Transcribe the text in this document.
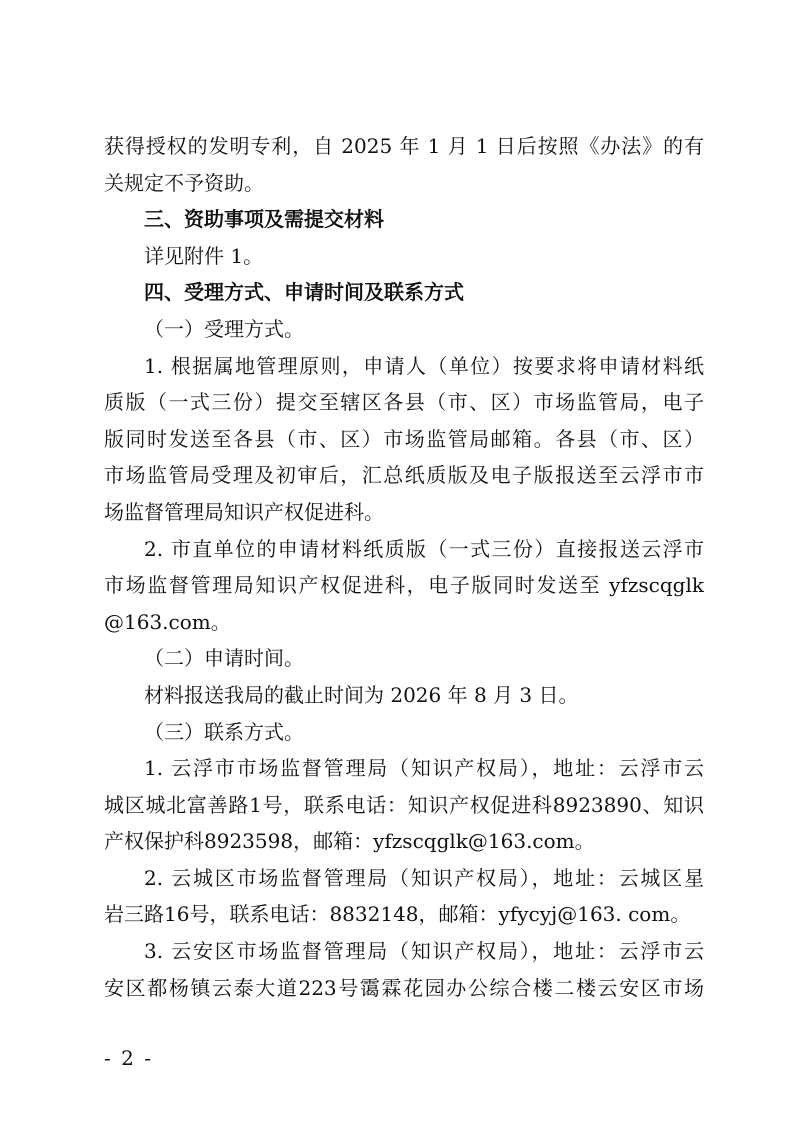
获得授权的发明专利，自 2025 年 1 月 1 日后按照《办法》的有
关规定不予资助。
三、资助事项及需提交材料
详见附件 1。
四、受理方式、申请时间及联系方式
（一）受理方式。
1. 根据属地管理原则，申请人（单位）按要求将申请材料纸
质版（一式三份）提交至辖区各县（市、区）市场监管局，电子
版同时发送至各县（市、区）市场监管局邮箱。各县（市、区）
市场监管局受理及初审后，汇总纸质版及电子版报送至云浮市市
场监督管理局知识产权促进科。
2. 市直单位的申请材料纸质版（一式三份）直接报送云浮市
市场监督管理局知识产权促进科，电子版同时发送至 yfzscqglk
@163.com。
（二）申请时间。
材料报送我局的截止时间为 2026 年 8 月 3 日。
（三）联系方式。
1. 云浮市市场监督管理局（知识产权局），地址：云浮市云
城区城北富善路1号，联系电话：知识产权促进科8923890、知识
产权保护科8923598，邮箱：yfzscqglk@163.com。
2. 云城区市场监督管理局（知识产权局），地址：云城区星
岩三路16号，联系电话：8832148，邮箱：yfycyj@163. com。
3. 云安区市场监督管理局（知识产权局），地址：云浮市云
安区都杨镇云泰大道223号霭霖花园办公综合楼二楼云安区市场
- 2 -
